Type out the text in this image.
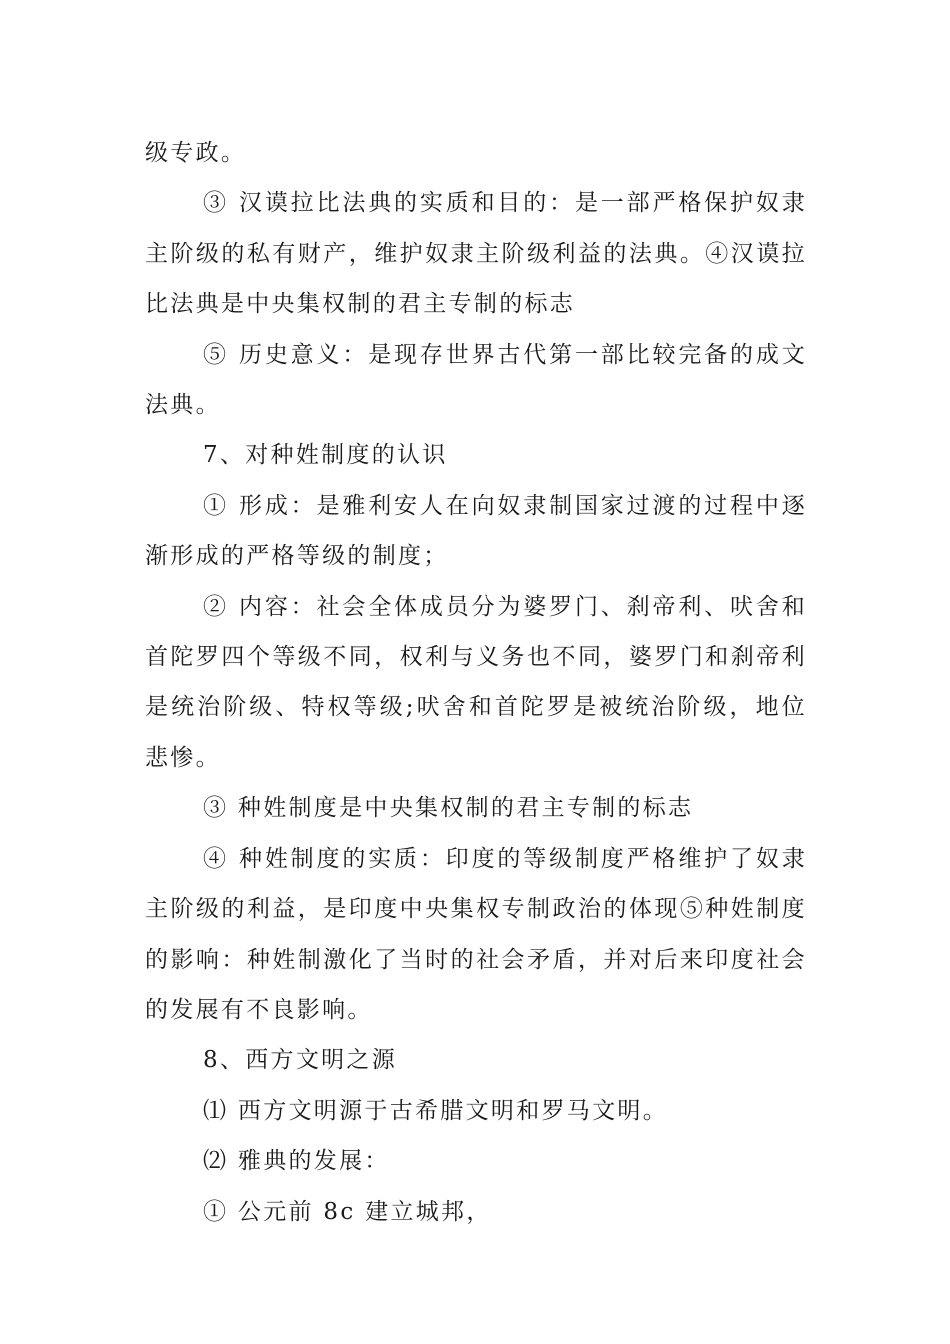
级专政。

③ 汉谟拉比法典的实质和目的：是一部严格保护奴隶主阶级的私有财产，维护奴隶主阶级利益的法典。④汉谟拉比法典是中央集权制的君主专制的标志

⑤ 历史意义：是现存世界古代第一部比较完备的成文法典。

7、对种姓制度的认识

① 形成：是雅利安人在向奴隶制国家过渡的过程中逐渐形成的严格等级的制度；

② 内容：社会全体成员分为婆罗门、刹帝利、吠舍和首陀罗四个等级不同，权利与义务也不同，婆罗门和刹帝利是统治阶级、特权等级;吠舍和首陀罗是被统治阶级，地位悲惨。

③ 种姓制度是中央集权制的君主专制的标志

④ 种姓制度的实质：印度的等级制度严格维护了奴隶主阶级的利益，是印度中央集权专制政治的体现⑤种姓制度的影响：种姓制激化了当时的社会矛盾，并对后来印度社会的发展有不良影响。

8、西方文明之源

⑴ 西方文明源于古希腊文明和罗马文明。

⑵ 雅典的发展：

① 公元前 8c 建立城邦，
